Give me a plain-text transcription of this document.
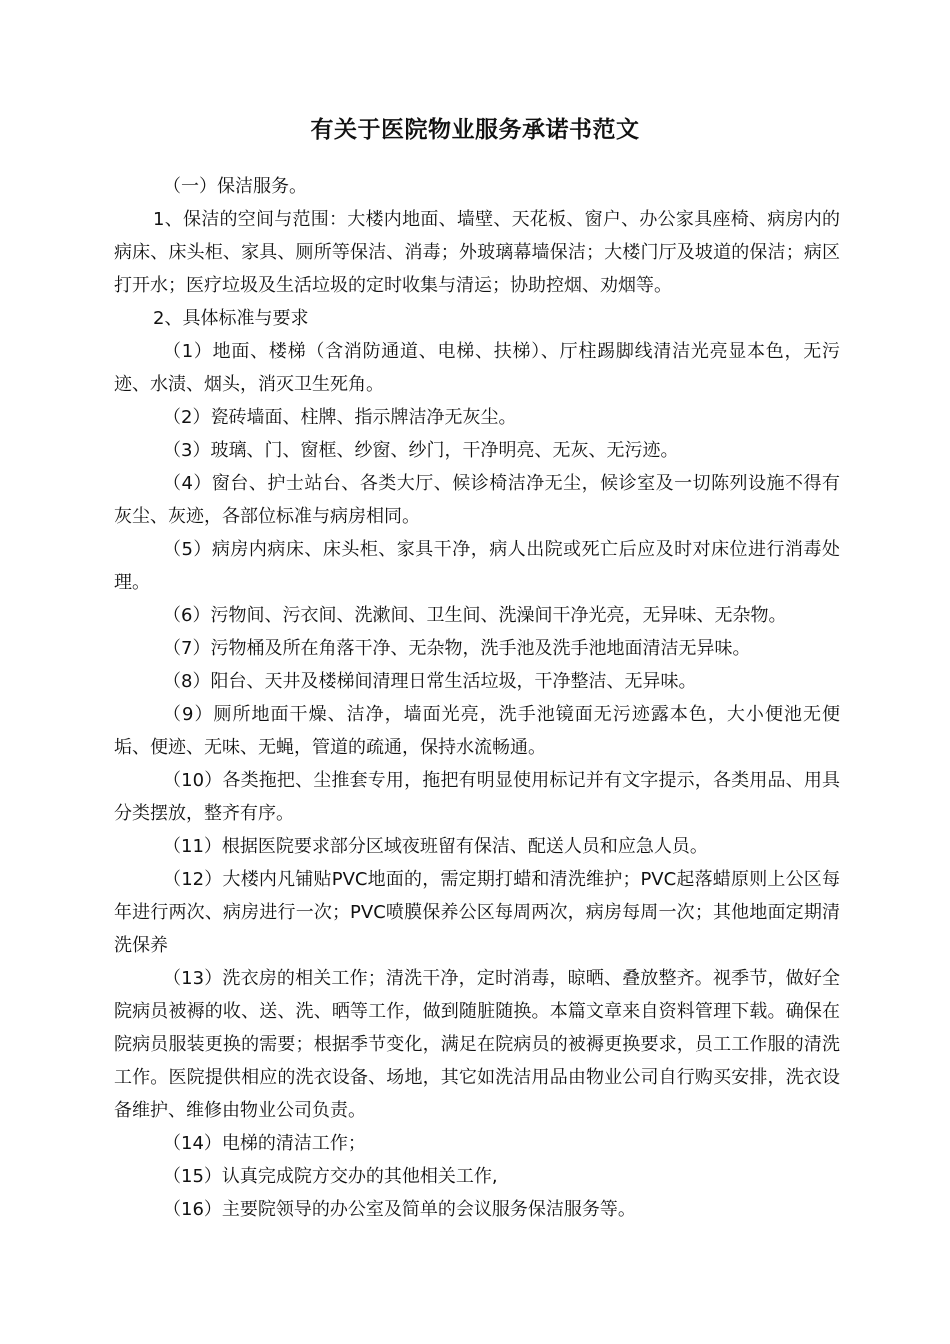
有关于医院物业服务承诺书范文

（一）保洁服务。

1、保洁的空间与范围：大楼内地面、墙壁、天花板、窗户、办公家具座椅、病房内的病床、床头柜、家具、厕所等保洁、消毒；外玻璃幕墙保洁；大楼门厅及坡道的保洁；病区打开水；医疗垃圾及生活垃圾的定时收集与清运；协助控烟、劝烟等。

2、具体标准与要求

（1）地面、楼梯（含消防通道、电梯、扶梯）、厅柱踢脚线清洁光亮显本色，无污迹、水渍、烟头，消灭卫生死角。

（2）瓷砖墙面、柱牌、指示牌洁净无灰尘。

（3）玻璃、门、窗框、纱窗、纱门，干净明亮、无灰、无污迹。

（4）窗台、护士站台、各类大厅、候诊椅洁净无尘，候诊室及一切陈列设施不得有灰尘、灰迹，各部位标准与病房相同。

（5）病房内病床、床头柜、家具干净，病人出院或死亡后应及时对床位进行消毒处理。

（6）污物间、污衣间、洗漱间、卫生间、洗澡间干净光亮，无异味、无杂物。

（7）污物桶及所在角落干净、无杂物，洗手池及洗手池地面清洁无异味。

（8）阳台、天井及楼梯间清理日常生活垃圾，干净整洁、无异味。

（9）厕所地面干燥、洁净，墙面光亮，洗手池镜面无污迹露本色，大小便池无便垢、便迹、无味、无蝇，管道的疏通，保持水流畅通。

（10）各类拖把、尘推套专用，拖把有明显使用标记并有文字提示，各类用品、用具分类摆放，整齐有序。

（11）根据医院要求部分区域夜班留有保洁、配送人员和应急人员。

（12）大楼内凡铺贴PVC地面的，需定期打蜡和清洗维护；PVC起落蜡原则上公区每年进行两次、病房进行一次；PVC喷膜保养公区每周两次，病房每周一次；其他地面定期清洗保养

（13）洗衣房的相关工作；清洗干净，定时消毒，晾晒、叠放整齐。视季节，做好全院病员被褥的收、送、洗、晒等工作，做到随脏随换。本篇文章来自资料管理下载。确保在院病员服装更换的需要；根据季节变化，满足在院病员的被褥更换要求，员工工作服的清洗工作。医院提供相应的洗衣设备、场地，其它如洗洁用品由物业公司自行购买安排，洗衣设备维护、维修由物业公司负责。

（14）电梯的清洁工作；

（15）认真完成院方交办的其他相关工作,

（16）主要院领导的办公室及简单的会议服务保洁服务等。
